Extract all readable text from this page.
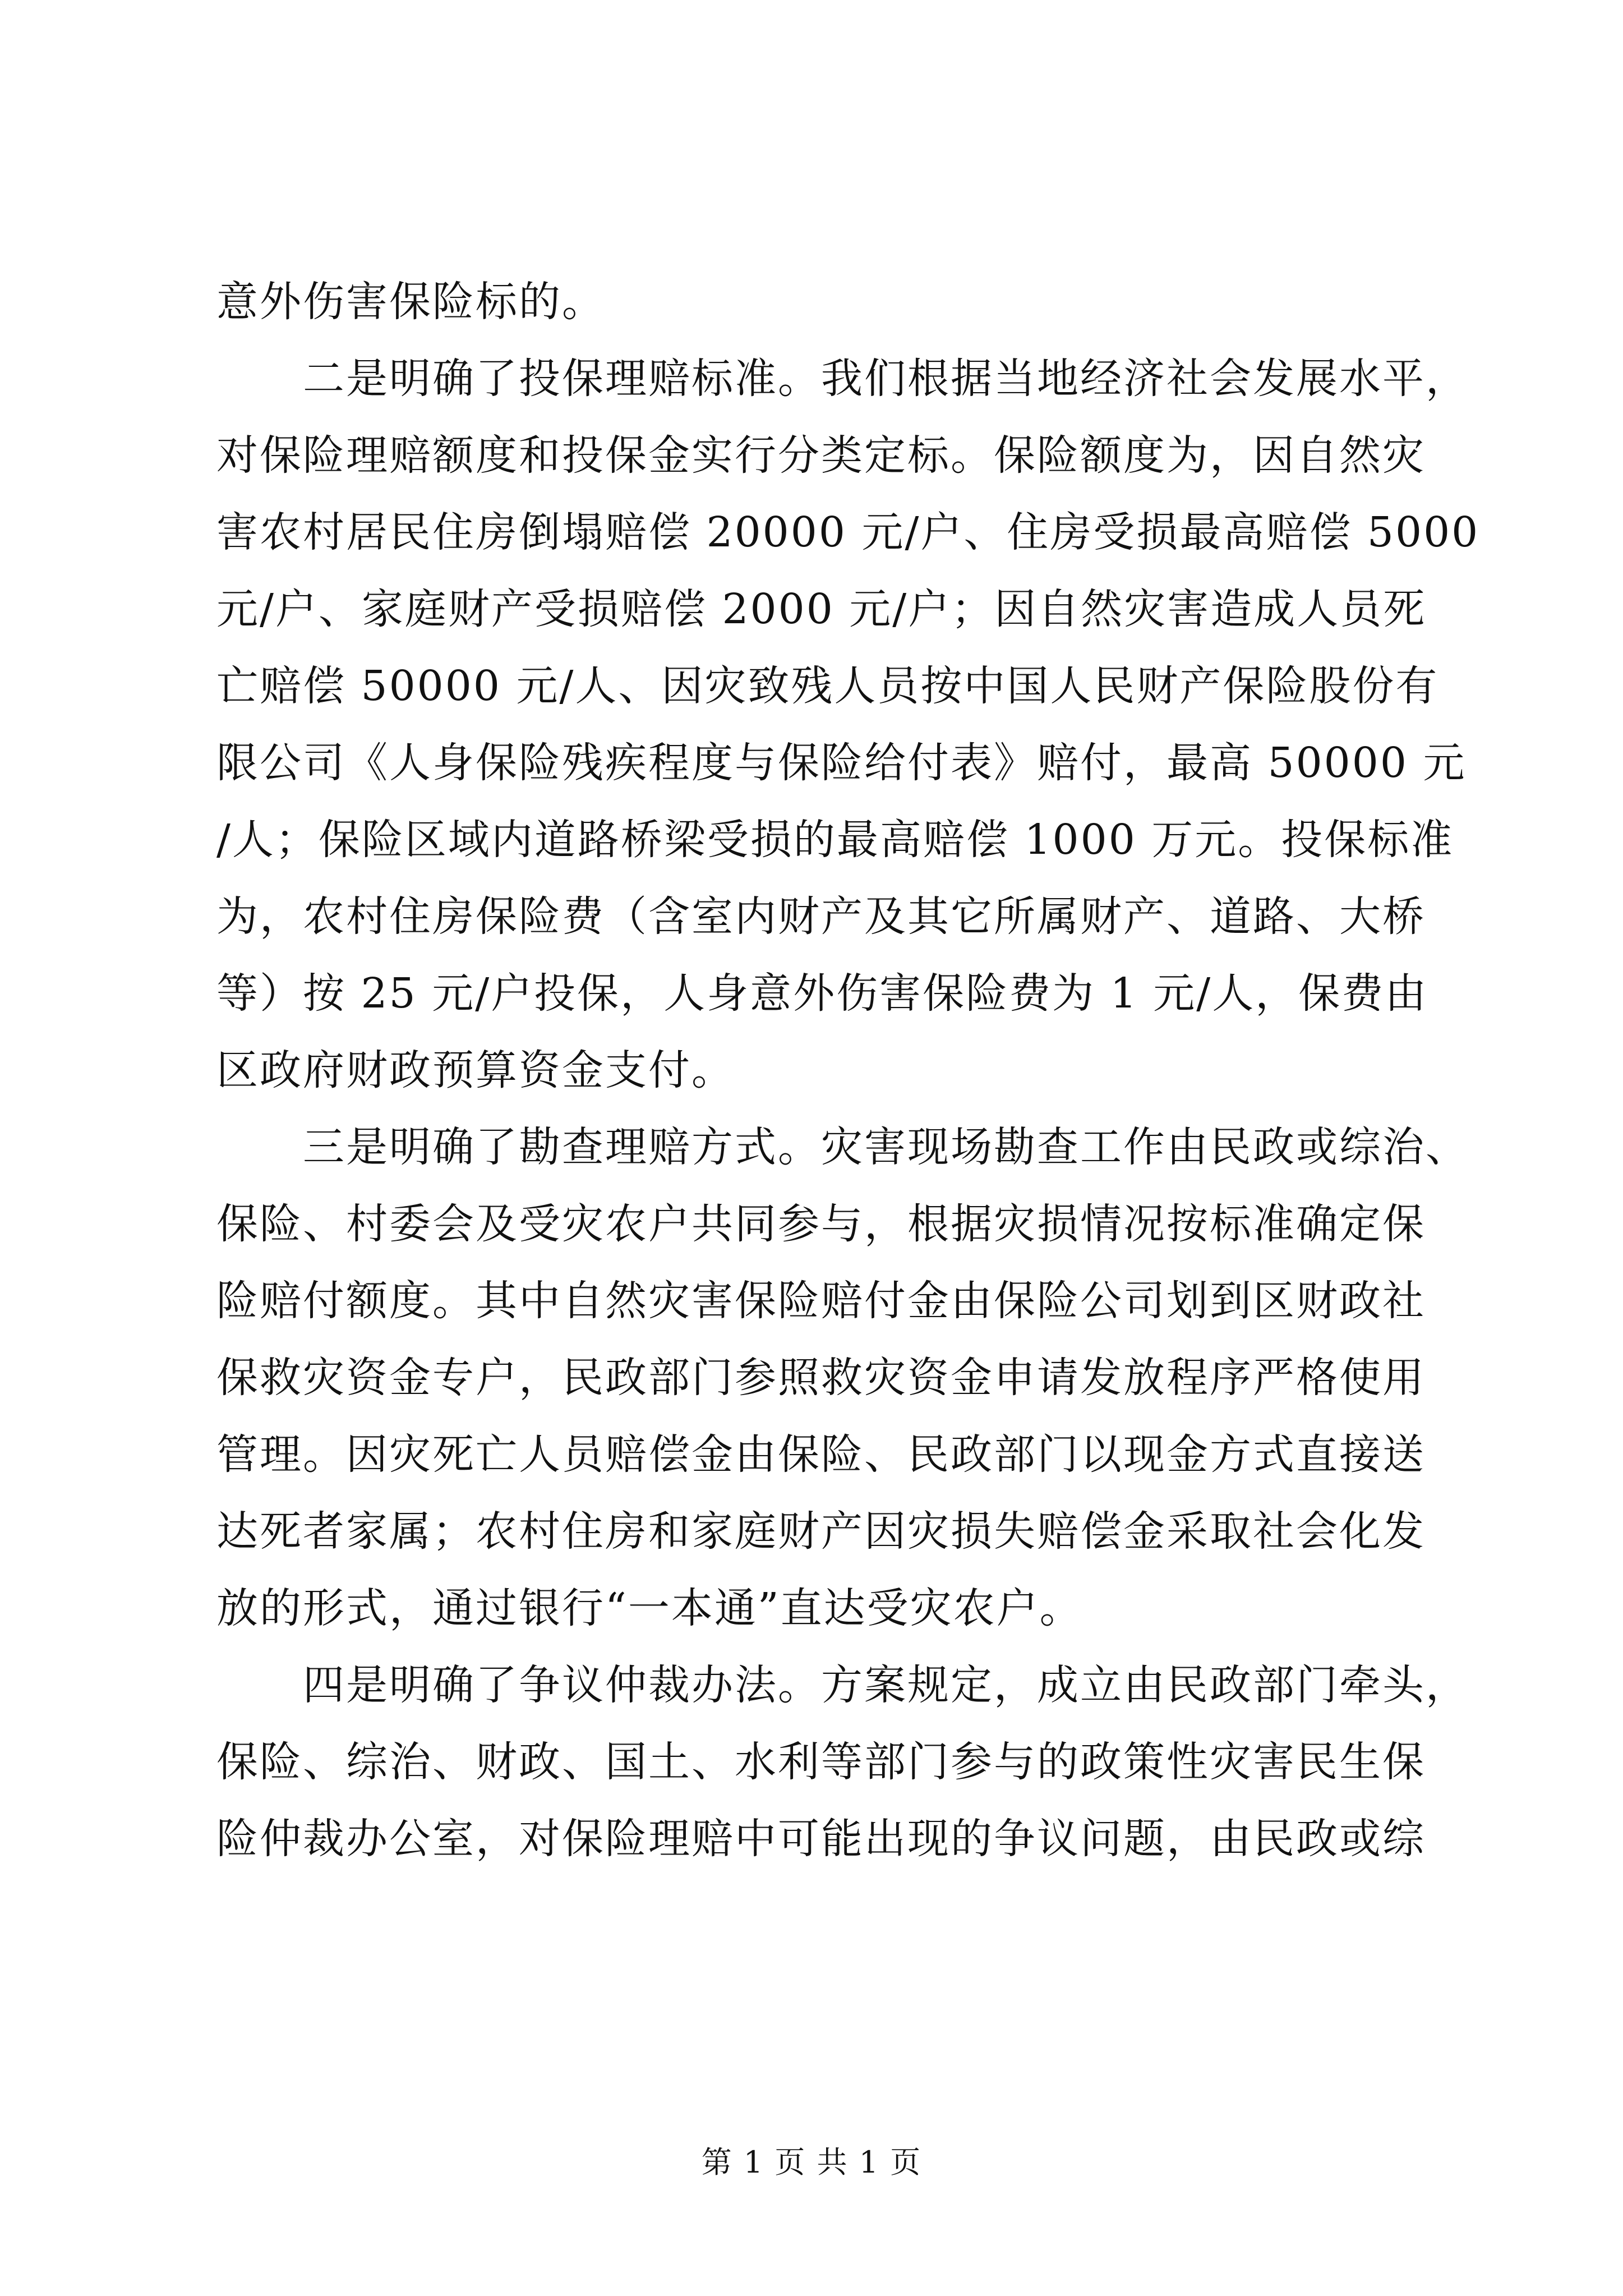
意外伤害保险标的。
　　二是明确了投保理赔标准。我们根据当地经济社会发展水平，
对保险理赔额度和投保金实行分类定标。保险额度为，因自然灾
害农村居民住房倒塌赔偿 20000 元/户、住房受损最高赔偿 5000
元/户、家庭财产受损赔偿 2000 元/户；因自然灾害造成人员死
亡赔偿 50000 元/人、因灾致残人员按中国人民财产保险股份有
限公司《人身保险残疾程度与保险给付表》赔付，最高 50000 元
/人；保险区域内道路桥梁受损的最高赔偿 1000 万元。投保标准
为，农村住房保险费（含室内财产及其它所属财产、道路、大桥
等）按 25 元/户投保，人身意外伤害保险费为 1 元/人，保费由
区政府财政预算资金支付。
　　三是明确了勘查理赔方式。灾害现场勘查工作由民政或综治、
保险、村委会及受灾农户共同参与，根据灾损情况按标准确定保
险赔付额度。其中自然灾害保险赔付金由保险公司划到区财政社
保救灾资金专户，民政部门参照救灾资金申请发放程序严格使用
管理。因灾死亡人员赔偿金由保险、民政部门以现金方式直接送
达死者家属；农村住房和家庭财产因灾损失赔偿金采取社会化发
放的形式，通过银行“一本通”直达受灾农户。
　　四是明确了争议仲裁办法。方案规定，成立由民政部门牵头，
保险、综治、财政、国土、水利等部门参与的政策性灾害民生保
险仲裁办公室，对保险理赔中可能出现的争议问题，由民政或综
第 1 页 共 1 页
